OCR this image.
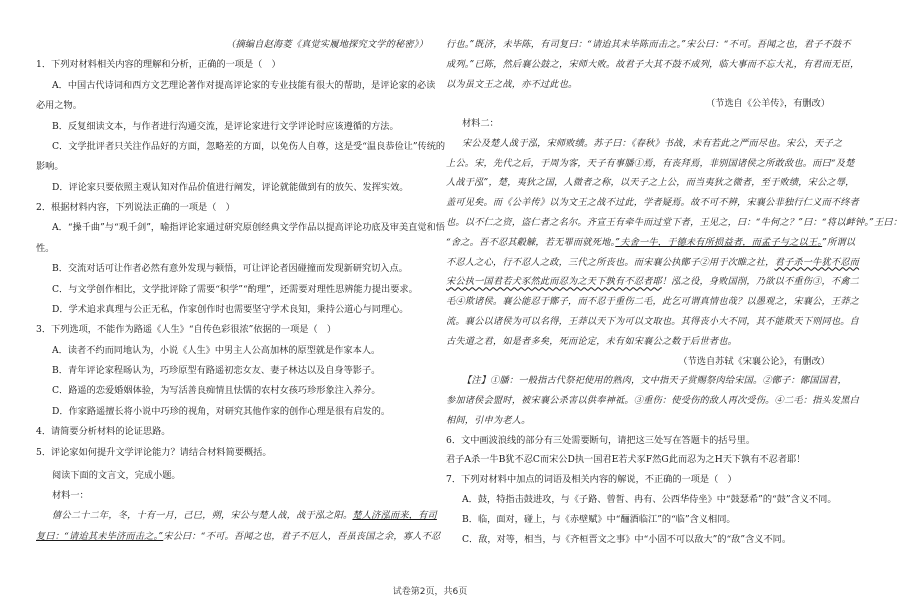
（摘编自赵海菱《真觉实履地探究文学的秘密》）
1．下列对材料相关内容的理解和分析，正确的一项是（　）
A．中国古代诗词和西方文艺理论著作对提高评论家的专业技能有很大的帮助，是评论家的必读
必用之物。
B．反复细读文本，与作者进行沟通交流，是评论家进行文学评论时应该遵循的方法。
C．文学批评者只关注作品好的方面，忽略差的方面，以免伤人自尊，这是受“温良恭俭让”传统的
影响。
D．评论家只要依照主观认知对作品价值进行阐发，评论就能做到有的放矢、发挥实效。
2．根据材料内容，下列说法正确的一项是（　）
A．“操千曲”与“观千剑”，喻指评论家通过研究原创经典文学作品以提高评论功底及审美直觉和悟
性。
B．交流对话可让作者必然有意外发现与顿悟，可让评论者因碰撞而发现新研究切入点。
C．与文学创作相比，文学批评除了需要“积学”“酌理”，还需要对理性思辨能力提出要求。
D．学术追求真理与公正无私，作家创作时也需要坚守学术良知，秉持公道心与同理心。
3．下列选项，不能作为路遥《人生》“自传色彩很浓”依据的一项是（　）
A．读者不约而同地认为，小说《人生》中男主人公高加林的原型就是作家本人。
B．青年评论家程旸认为，巧珍原型有路遥初恋女友、妻子林达以及自身等影子。
C．路遥的恋爱婚姻体验，为写活善良痴情且怯懦的农村女孩巧珍形象注入养分。
D．作家路遥擅长将小说中巧珍的视角，对研究其他作家的创作心理是很有启发的。
4．请简要分析材料的论证思路。
5．评论家如何提升文学评论能力？请结合材料简要概括。
阅读下面的文言文，完成小题。
材料一：
僖公二十二年，冬，十有一月，己巳，朔，宋公与楚人战，战于泓之阳。楚人济泓而来，有司
复曰：“请迨其未毕济而击之。”宋公曰：“不可。吾闻之也，君子不厄人，吾虽丧国之余，寡人不忍
行也。”既济，未毕陈，有司复曰：“请迨其未毕陈而击之。”宋公曰：“不可。吾闻之也，君子不鼓不
成列。”已陈，然后襄公鼓之，宋师大败。故君子大其不鼓不成列，临大事而不忘大礼，有君而无臣，
以为虽文王之战，亦不过此也。
（节选自《公羊传》，有删改）
材料二：
宋公及楚人战于泓，宋师败绩。苏子曰：《春秋》书战，未有若此之严而尽也。宋公，天子之
上公。宋，先代之后，于周为客，天子有事膰①焉，有丧拜焉，非别国诸侯之所敢敌也。而曰“及楚
人战于泓”，楚，夷狄之国，人微者之称，以天子之上公，而当夷狄之微者，至于败绩，宋公之辱，
盖可见矣。而《公羊传》以为文王之战不过此，学者疑焉。故不可不辨，宋襄公非独行仁义而不终者
也。以不仁之资，盗仁者之名尔。齐宣王有牵牛而过堂下者，王见之，曰：“牛何之？”曰：“将以衅钟。”王曰：
“舍之。吾不忍其觳觫，若无罪而就死地。”夫舍一牛，于德未有所损益者，而孟子与之以王。”所谓以
不忍人之心，行不忍人之政，三代之所丧也。而宋襄公执鄫子②用于次睢之社，君子杀一牛犹不忍而
宋公执一国君若犬豕然此而忍为之天下孰有不忍者耶！泓之役，身败国削，乃欲以不重伤③，不禽二
毛④欺诸侯。襄公能忍于鄫子，而不忍于重伤二毛，此乞可谓真情也哉？以愚观之，宋襄公，王莽之
流。襄公以诸侯为可以名得，王莽以天下为可以文取也。其得丧小大不同，其不能欺天下则同也。自
古失道之君，如是者多矣，死而论定，未有如宋襄公之数于后世者也。
（节选自苏轼《宋襄公论》，有删改）
【注】①膰：一般指古代祭祀使用的熟肉，文中指天子赏赐祭肉给宋国。②鄫子：鄫国国君，
参加诸侯会盟时，被宋襄公杀害以供奉神祗。③重伤：使受伤的敌人再次受伤。④二毛：指头发黑白
相间，引申为老人。
6．文中画波浪线的部分有三处需要断句，请把这三处写在答题卡的括号里。
君子A杀一牛B犹不忍C而宋公D执一国君E若犬豕F然G此而忍为之H天下孰有不忍者耶！
7．下列对材料中加点的词语及相关内容的解说，不正确的一项是（　）
A．鼓，特指击鼓进攻，与《子路、曾皙、冉有、公西华侍坐》中“鼓瑟希”的“鼓”含义不同。
B．临，面对，碰上，与《赤壁赋》中“酾酒临江”的“临”含义相同。
C．敌，对等，相当，与《齐桓晋文之事》中“小固不可以敌大”的“敌”含义不同。
试卷第2页，共6页
